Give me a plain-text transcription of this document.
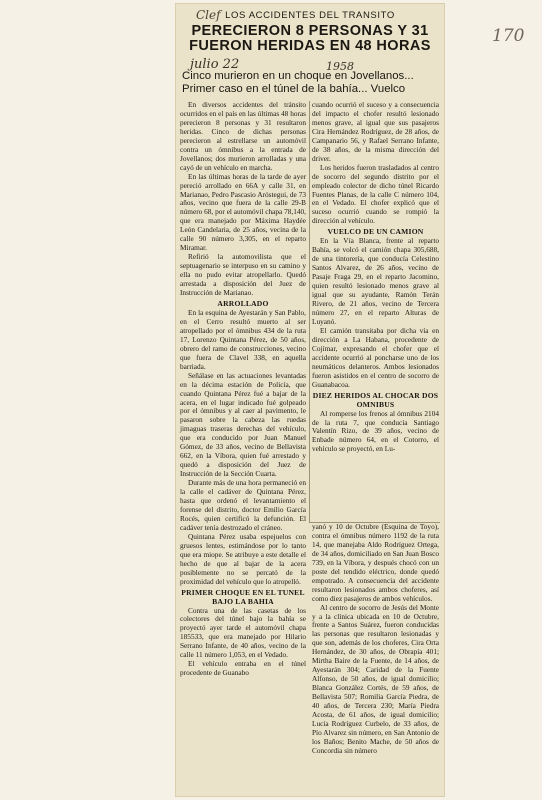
170
Clef LOS ACCIDENTES DEL TRANSITO
PERECIERON 8 PERSONAS Y 31 FUERON HERIDAS EN 48 HORAS
julio 22	1958
Cinco murieron en un choque en Jovellanos... Primer caso en el túnel de la bahía... Vuelco

En diversos accidentes del tránsito ocurridos en el país en las últimas 48 horas perecieron 8 personas y 31 resultaron heridas. Cinco de dichas personas perecieron al estrellarse un automóvil contra un ómnibus a la entrada de Jovellanos; dos murieron arrolladas y una cayó de un vehículo en marcha.

En las últimas horas de la tarde de ayer pereció arrollado en 66A y calle 31, en Marianao, Pedro Pascasio Aróstegui, de 73 años, vecino que fuera de la calle 29-B número 68, por el automóvil chapa 78,140, que era manejado por Máxima Haydée León Candelaria, de 25 años, vecina de la calle 90 número 3,305, en el reparto Miramar.

Refirió la automovilista que el septuagenario se interpuso en su camino y ella no pudo evitar atropellarlo. Quedó arrestada a disposición del Juez de Instrucción de Marianao.

ARROLLADO

En la esquina de Ayestarán y San Pablo, en el Cerro resultó muerto al ser atropellado por el ómnibus 434 de la ruta 17, Lorenzo Quintana Pérez, de 50 años, obrero del ramo de construcciones, vecino que fuera de Clavel 338, en aquella barriada.

Señálase en las actuaciones levantadas en la décima estación de Policía, que cuando Quintana Pérez fué a bajar de la acera, en el lugar indicado fué golpeado por el ómnibus y al caer al pavimento, le pasaron sobre la cabeza las ruedas jimaguas traseras derechas del vehículo, que era conducido por Juan Manuel Gómez, de 33 años, vecino de Bellavista 662, en la Víbora, quien fué arrestado y quedó a disposición del Juez de Instrucción de la Sección Cuarta.

Durante más de una hora permaneció en la calle el cadáver de Quintana Pérez, hasta que ordenó el levantamiento el forense del distrito, doctor Emilio García Rocés, quien certificó la defunción. El cadáver tenía destrozado el cráneo.

Quintana Pérez usaba espejuelos con gruesos lentes, estimándose por lo tanto que era miope. Se atribuye a este detalle el hecho de que al bajar de la acera posiblemente no se percató de la proximidad del vehículo que lo atropelló.

PRIMER CHOQUE EN EL TUNEL BAJO LA BAHIA

Contra una de las casetas de los colectores del túnel bajo la bahía se proyectó ayer tarde el automóvil chapa 185533, que era manejado por Hilario Serrano Infante, de 40 años, vecino de la calle 11 número 1,053, en el Vedado.

El vehículo entraba en el túnel procedente de Guanabo

cuando ocurrió el suceso y a consecuencia del impacto el chofer resultó lesionado menos grave, al igual que sus pasajeros Cira Hernández Rodríguez, de 28 años, de Campanario 56, y Rafael Serrano Infante, de 38 años, de la misma dirección del driver.

Los heridos fueron trasladados al centro de socorro del segundo distrito por el empleado colector de dicho túnel Ricardo Fuentes Planas, de la calle C número 104, en el Vedado. El chofer explicó que el suceso ocurrió cuando se rompió la dirección al vehículo.

VUELCO DE UN CAMION

En la Vía Blanca, frente al reparto Bahía, se volcó el camión chapa 305,688, de una tintorería, que conducía Celestino Santos Alvarez, de 26 años, vecino de Pasaje Fraga 29, en el reparto Jacomino, quien resultó lesionado menos grave al igual que su ayudante, Ramón Terán Rivero, de 21 años, vecino de Tercera número 27, en el reparto Alturas de Luyanó.

El camión transitaba por dicha vía en dirección a La Habana, procedente de Cojímar, expresando el chofer que el accidente ocurrió al poncharse uno de los neumáticos delanteros. Ambos lesionados fueron asistidos en el centro de socorro de Guanabacoa.

DIEZ HERIDOS AL CHOCAR DOS OMNIBUS

Al romperse los frenos al ómnibus 2104 de la ruta 7, que conducía Santiago Valentín Rizo, de 39 años, vecino de Enbade número 64, en el Cotorro, el vehículo se proyectó, en Lu-

yanó y 10 de Octubre (Esquina de Toyo), contra el ómnibus número 1192 de la ruta 14, que manejaba Aldo Rodríguez Ortega, de 34 años, domiciliado en San Juan Bosco 739, en la Víbora, y después chocó con un poste del tendido eléctrico, donde quedó empotrado. A consecuencia del accidente resultaron lesionados ambos choferes, así como diez pasajeros de ambos vehículos.

Al centro de socorro de Jesús del Monte y a la clínica ubicada en 10 de Octubre, frente a Santos Suárez, fueron conducidas las personas que resultaron lesionadas y que son, además de los choferes, Cira Orta Hernández, de 30 años, de Obrapía 401; Mirtha Baire de la Fuente, de 14 años, de Ayestarán 304; Caridad de la Fuente Alfonso, de 50 años, de igual domicilio; Blanca González Cortés, de 59 años, de Bellavista 507; Romilia García Piedra, de 40 años, de Tercera 230; María Piedra Acosta, de 61 años, de igual domicilio; Lucía Rodríguez Curbelo, de 33 años, de Pío Alvarez sin número, en San Antonio de los Baños; Benito Mache, de 50 años de Concordia sin número
